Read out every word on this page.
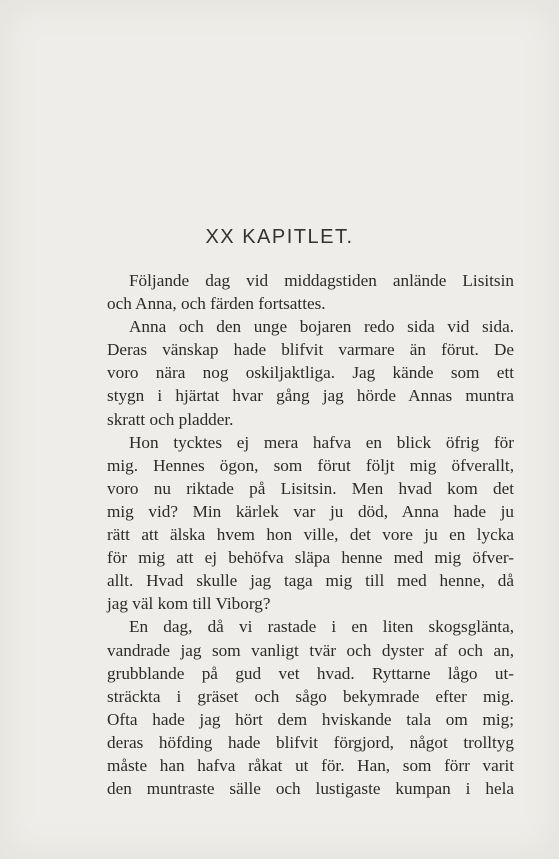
XX KAPITLET.
Följande dag vid middagstiden anlände Lisitsin
och Anna, och färden fortsattes.
Anna och den unge bojaren redo sida vid sida.
Deras vänskap hade blifvit varmare än förut. De
voro nära nog oskiljaktliga. Jag kände som ett
stygn i hjärtat hvar gång jag hörde Annas muntra
skratt och pladder.
Hon tycktes ej mera hafva en blick öfrig för
mig. Hennes ögon, som förut följt mig öfverallt,
voro nu riktade på Lisitsin. Men hvad kom det
mig vid? Min kärlek var ju död, Anna hade ju
rätt att älska hvem hon ville, det vore ju en lycka
för mig att ej behöfva släpa henne med mig öfver-
allt. Hvad skulle jag taga mig till med henne, då
jag väl kom till Viborg?
En dag, då vi rastade i en liten skogsglänta,
vandrade jag som vanligt tvär och dyster af och an,
grubblande på gud vet hvad. Ryttarne lågo ut-
sträckta i gräset och sågo bekymrade efter mig.
Ofta hade jag hört dem hviskande tala om mig;
deras höfding hade blifvit förgjord, något trolltyg
måste han hafva råkat ut för. Han, som förr varit
den muntraste sälle och lustigaste kumpan i hela
